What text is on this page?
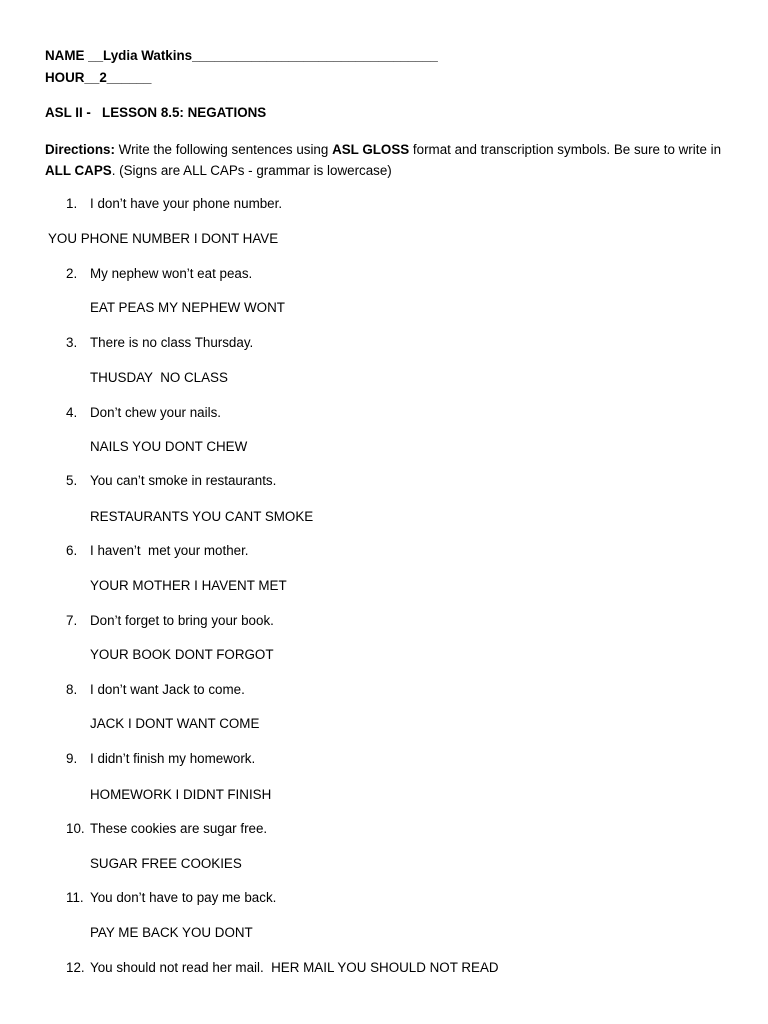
NAME __Lydia Watkins_________________________________
HOUR__2______
ASL II -   LESSON 8.5: NEGATIONS
Directions: Write the following sentences using ASL GLOSS format and transcription symbols. Be sure to write in ALL CAPS. (Signs are ALL CAPs - grammar is lowercase)
1. I don’t have your phone number.
YOU PHONE NUMBER I DONT HAVE
2. My nephew won’t eat peas.
EAT PEAS MY NEPHEW WONT
3. There is no class Thursday.
THUSDAY  NO CLASS
4. Don’t chew your nails.
NAILS YOU DONT CHEW
5. You can’t smoke in restaurants.
RESTAURANTS YOU CANT SMOKE
6. I haven’t  met your mother.
YOUR MOTHER I HAVENT MET
7. Don’t forget to bring your book.
YOUR BOOK DONT FORGOT
8. I don’t want Jack to come.
JACK I DONT WANT COME
9. I didn’t finish my homework.
HOMEWORK I DIDNT FINISH
10. These cookies are sugar free.
SUGAR FREE COOKIES
11. You don’t have to pay me back.
PAY ME BACK YOU DONT
12. You should not read her mail.  HER MAIL YOU SHOULD NOT READ
